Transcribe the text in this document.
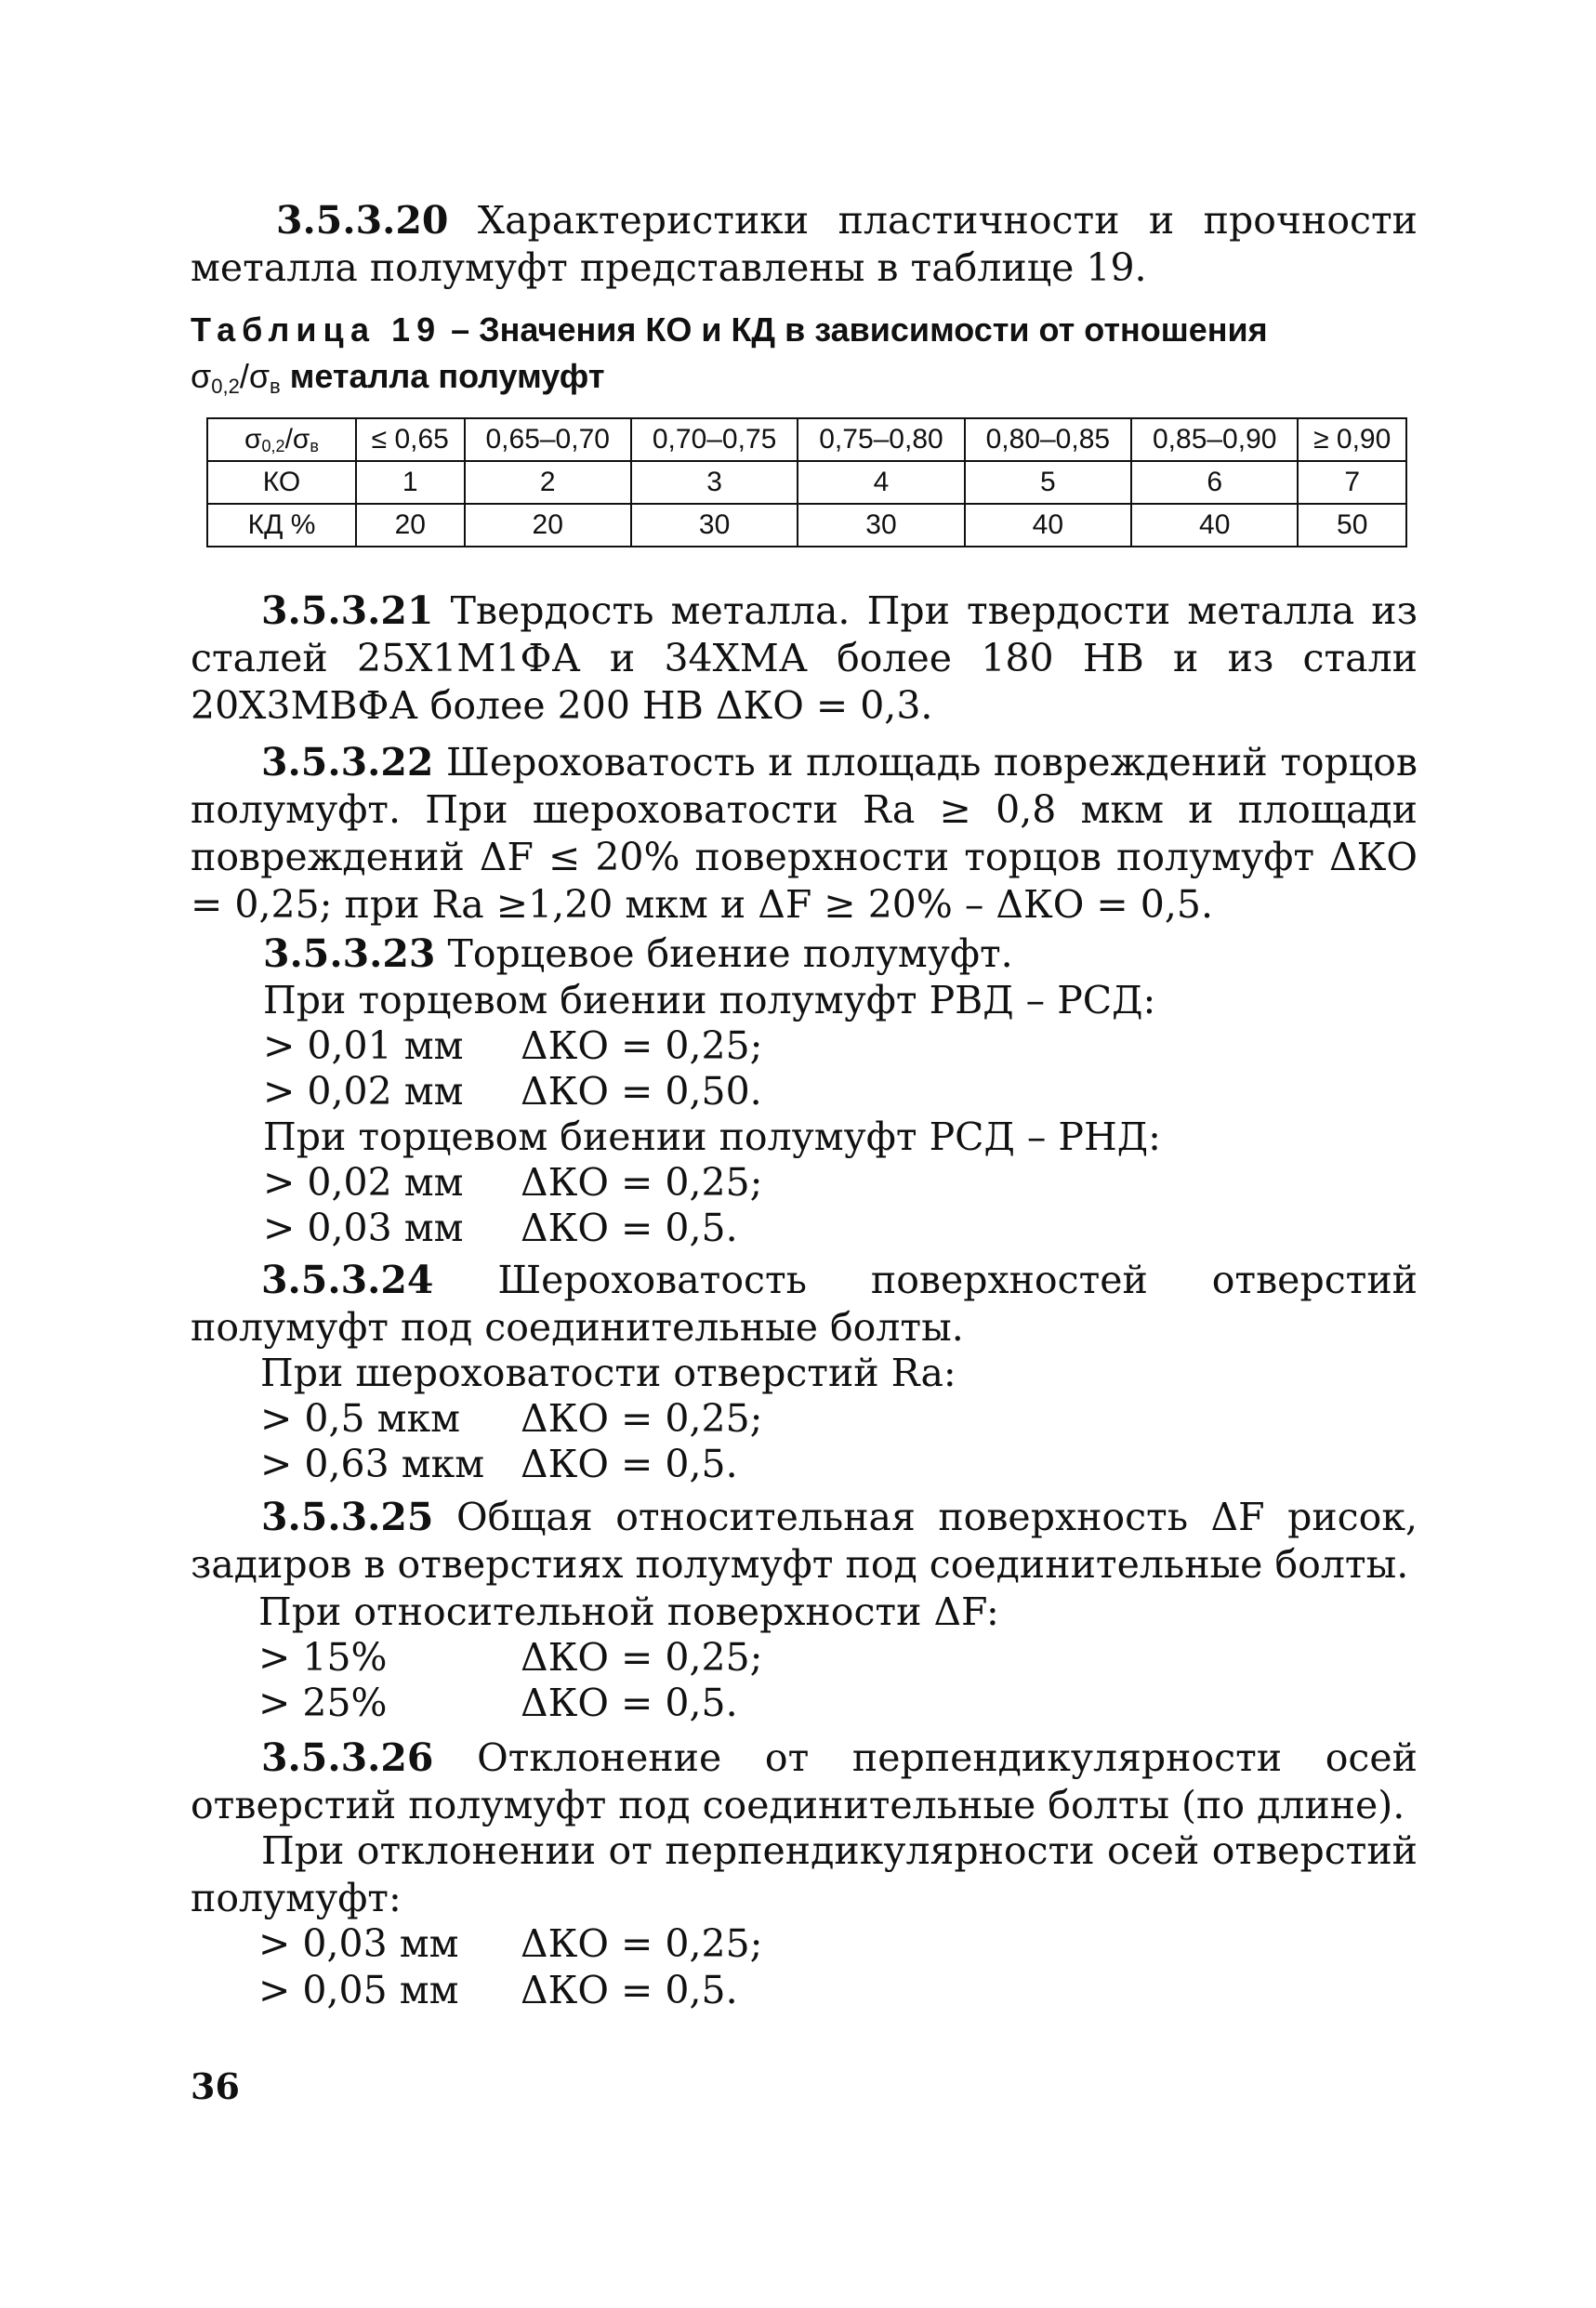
3.5.3.20 Характеристики пластичности и прочности металла полумуфт представлены в таблице 19.
Таблица 19 – Значения КО и КД в зависимости от отношения
$\sigma_{0,2}/\sigma_в$ металла полумуфт
σ0,2/σв	≤ 0,65	0,65–0,70	0,70–0,75	0,75–0,80	0,80–0,85	0,85–0,90	≥ 0,90
КО	1	2	3	4	5	6	7
КД %	20	20	30	30	40	40	50
3.5.3.21 Твердость металла. При твердости металла из сталей 25Х1М1ФА и 34ХМА более 180 НВ и из стали 20Х3МВФА более 200 НВ ΔКО = 0,3.
3.5.3.22 Шероховатость и площадь повреждений торцов полумуфт. При шероховатости Ra ≥ 0,8 мкм и площади повреждений ΔF ≤ 20% поверхности торцов полумуфт ΔКО = 0,25; при Ra ≥1,20 мкм и ΔF ≥ 20% – ΔКО = 0,5.
3.5.3.23 Торцевое биение полумуфт.
При торцевом биении полумуфт РВД – РСД:
> 0,01 мм ΔКО = 0,25;
> 0,02 мм ΔКО = 0,50.
При торцевом биении полумуфт РСД – РНД:
> 0,02 мм ΔКО = 0,25;
> 0,03 мм ΔКО = 0,5.
3.5.3.24 Шероховатость поверхностей отверстий полумуфт под соединительные болты.
При шероховатости отверстий Ra:
> 0,5 мкм ΔКО = 0,25;
> 0,63 мкм ΔКО = 0,5.
3.5.3.25 Общая относительная поверхность ΔF рисок, задиров в отверстиях полумуфт под соединительные болты.
При относительной поверхности ΔF:
> 15%	ΔКО = 0,25;
> 25%	ΔКО = 0,5.
3.5.3.26 Отклонение от перпендикулярности осей отверстий полумуфт под соединительные болты (по длине).
При отклонении от перпендикулярности осей отверстий полумуфт:
> 0,03 мм ΔКО = 0,25;
> 0,05 мм ΔКО = 0,5.
36
